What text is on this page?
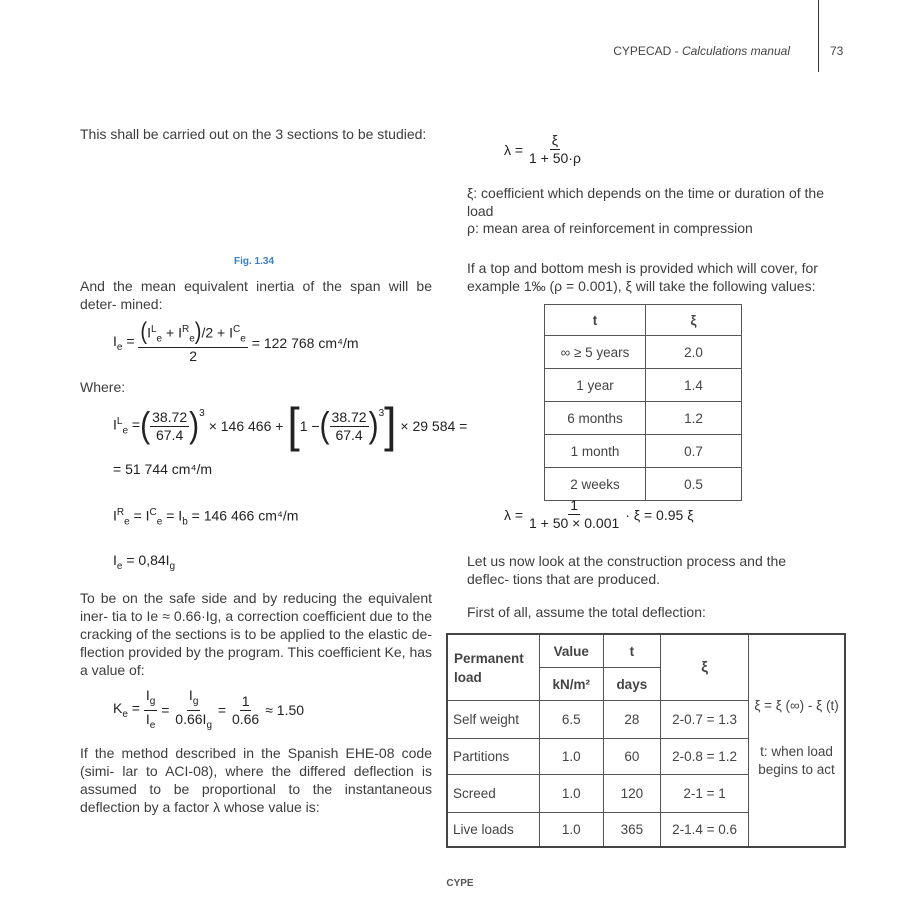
CYPECAD - Calculations manual	73
This shall be carried out on the 3 sections to be studied:
Fig. 1.34
And the mean equivalent inertia of the span will be deter- mined:
$I_e = \frac{(I^L_e + I^R_e)/2 + I^C_e}{2} = 122$ 768 cm⁴/m
Where:
$I^L_e$ = ( $\frac{38.72}{67.4} )^3$
× 146 466 + [ 1 − ( $\frac{38.72}{67.4} )^3$ ] × 29 584 =
= 51 744 cm⁴/m
$I^R_e = I^C_e = I_b = 146$ 466 cm⁴/m
$I_e = 0,84I_g$
To be on the safe side and by reducing the equivalent iner- tia to Ie ≈ 0.66·Ig, a correction coefficient due to the cracking of the sections is to be applied to the elastic de- flection provided by the program. This coefficient Ke, has a value of:
$K_e = \frac{I_g}{I_e} = \frac{I_g}{0.66I_g} = \frac{1}{0.66} \approx 1.50$
If the method described in the Spanish EHE-08 code (simi- lar to ACI-08), where the differed deflection is assumed to be proportional to the instantaneous deflection by a factor λ whose value is:
$\lambda = \frac{\xi}{1 + 50\cdot\rho}$
ξ: coefficient which depends on the time or duration of the load
ρ: mean area of reinforcement in compression
If a top and bottom mesh is provided which will cover, for example 1‰ (ρ = 0.001), ξ will take the following values:
t	ξ
∞ ≥ 5 years	2.0
1 year	1.4
6 months	1.2
1 month	0.7
2 weeks	0.5
$\lambda = \frac{1}{1 + 50 \times 0.001} \cdot \xi = 0.95$ ξ
Let us now look at the construction process and the deflec- tions that are produced.
First of all, assume the total deflection:
Permanent load	Value	t	ξ	ξ = ξ (∞) - ξ (t)
t: when load begins to act

	kN/m²	days		
Self weight	6.5	28	2-0.7 = 1.3	
Partitions	1.0	60	2-0.8 = 1.2	
Screed	1.0	120	2-1 = 1	
Live loads	1.0	365	2-1.4 = 0.6	
CYPE
